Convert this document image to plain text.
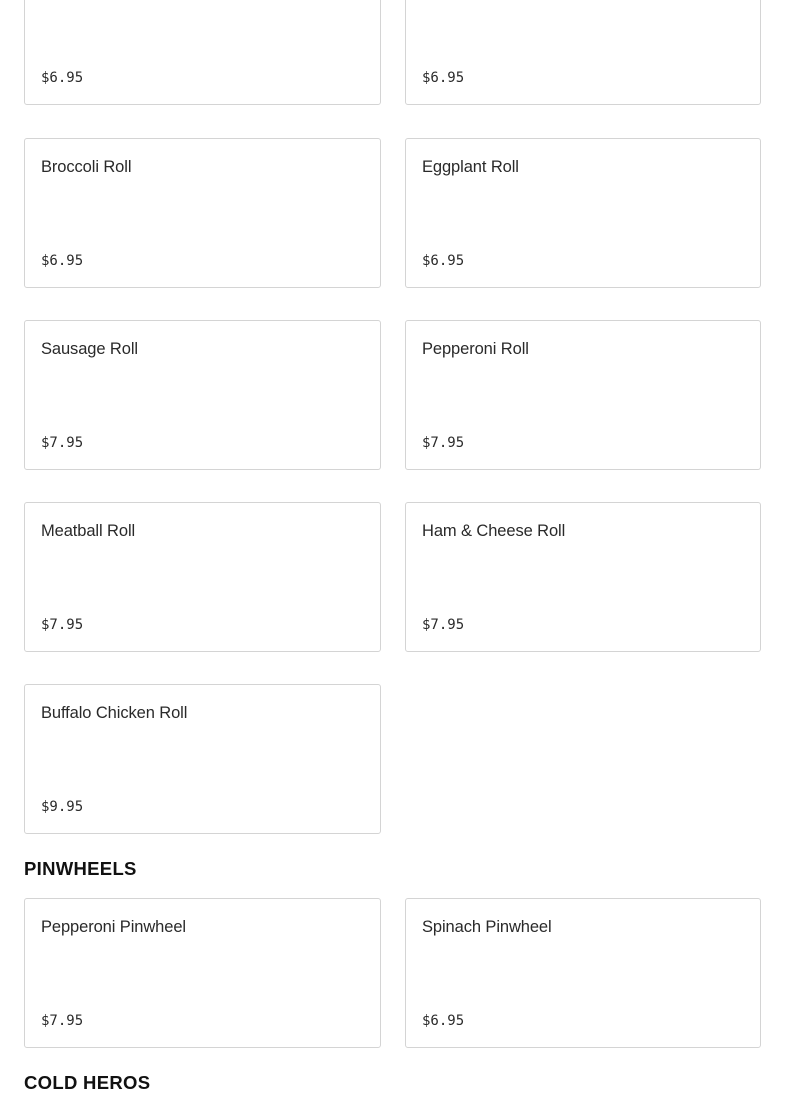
$6.95	$6.95
Broccoli Roll
$6.95
Eggplant Roll
$6.95
Sausage Roll
$7.95
Pepperoni Roll
$7.95
Meatball Roll
$7.95
Ham & Cheese Roll
$7.95
Buffalo Chicken Roll
$9.95
PINWHEELS
Pepperoni Pinwheel
$7.95
Spinach Pinwheel
$6.95
COLD HEROS
